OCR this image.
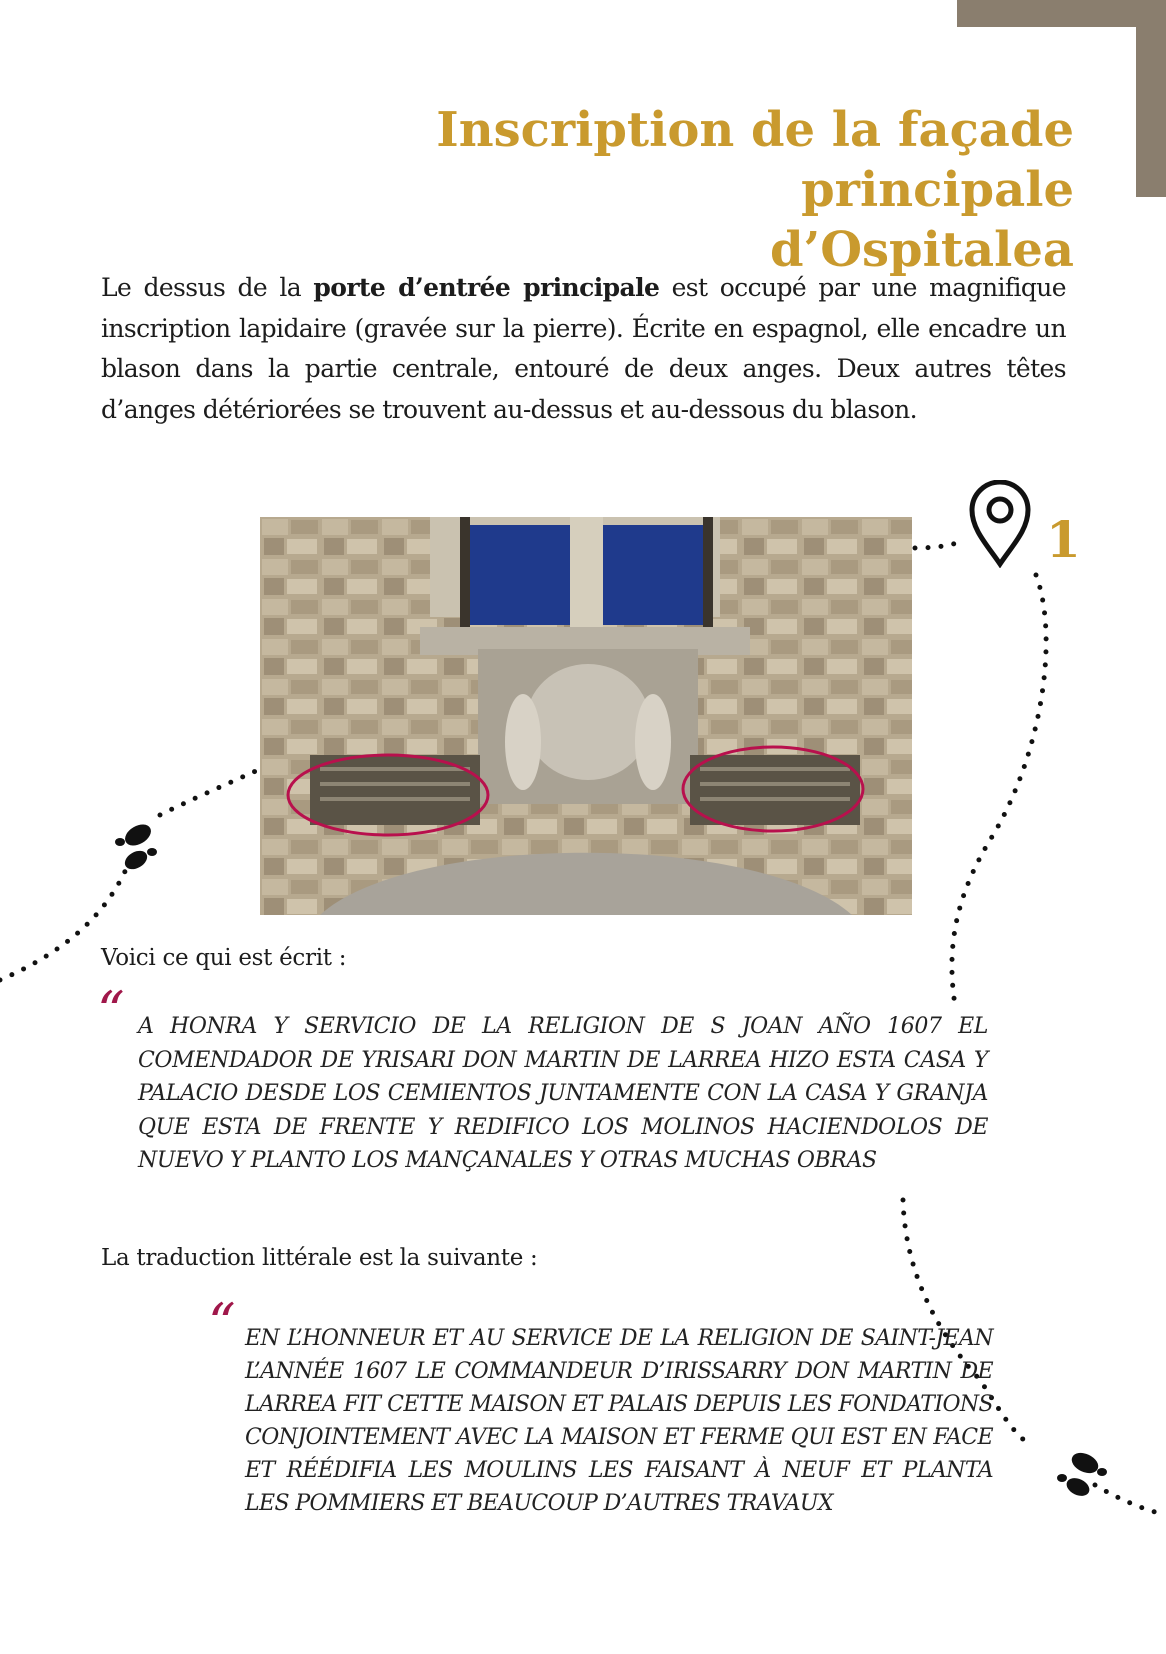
Inscription de la façade principale
d’Ospitalea

Le dessus de la porte d’entrée principale est occupé par une magnifique inscription lapidaire (gravée sur la pierre). Écrite en espagnol, elle encadre un blason dans la partie centrale, entouré de deux anges. Deux autres têtes d’anges détériorées se trouvent au-dessus et au-dessous du blason.

1

Voici ce qui est écrit :

“ A HONRA Y SERVICIO DE LA RELIGION DE S JOAN AÑO 1607 EL COMENDADOR DE YRISARI DON MARTIN DE LARREA HIZO ESTA CASA Y PALACIO DESDE LOS CEMIENTOS JUNTAMENTE CON LA CASA Y GRANJA QUE ESTA DE FRENTE Y REDIFICO LOS MOLINOS HACIENDOLOS DE NUEVO Y PLANTO LOS MANÇANALES Y OTRAS MUCHAS OBRAS

La traduction littérale est la suivante :

“ EN L’HONNEUR ET AU SERVICE DE LA RELIGION DE SAINT-JEAN L’ANNÉE 1607 LE COMMANDEUR D’IRISSARRY DON MARTIN DE LARREA FIT CETTE MAISON ET PALAIS DEPUIS LES FONDATIONS CONJOINTEMENT AVEC LA MAISON ET FERME QUI EST EN FACE ET RÉÉDIFIA LES MOULINS LES FAISANT À NEUF ET PLANTA LES POMMIERS ET BEAUCOUP D’AUTRES TRAVAUX
